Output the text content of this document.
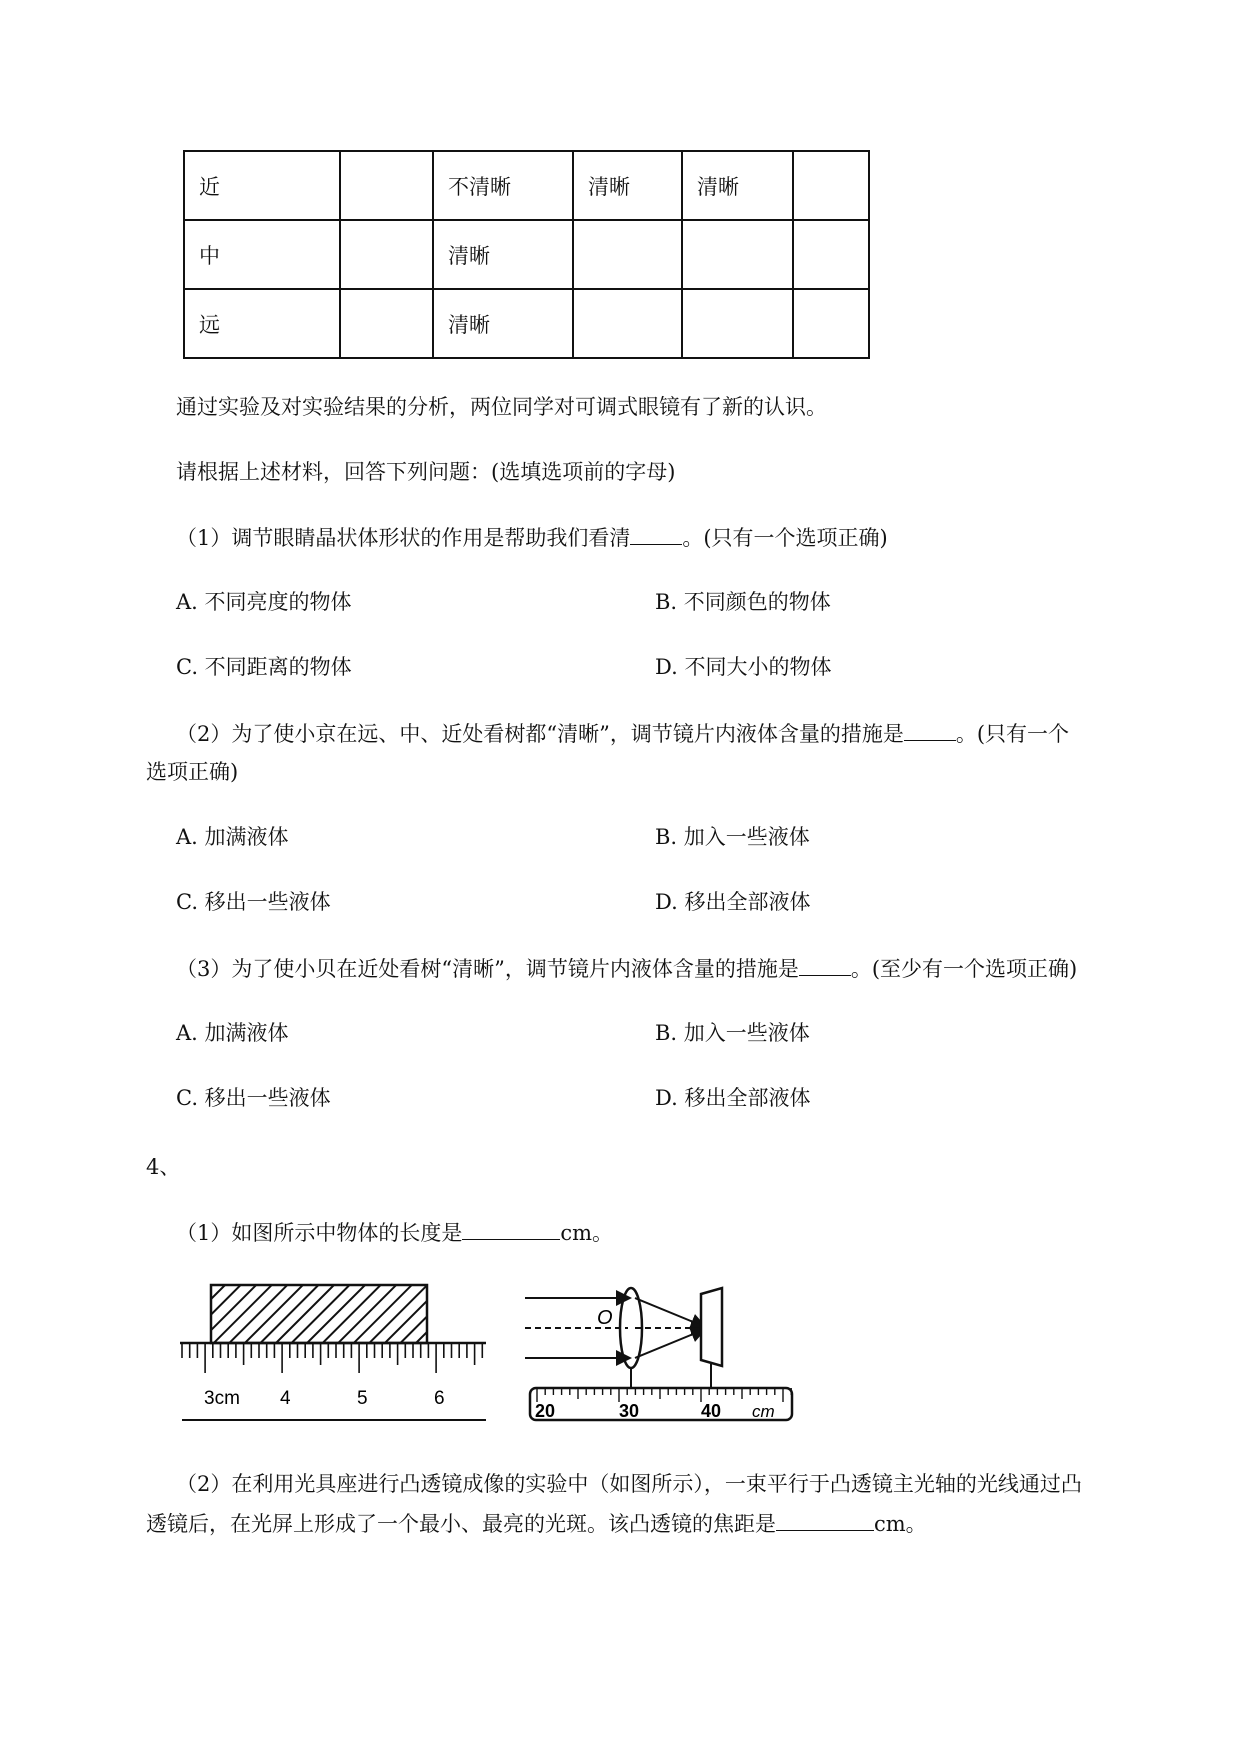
近		不清晰	清晰	清晰	
中		清晰			
远		清晰			
通过实验及对实验结果的分析，两位同学对可调式眼镜有了新的认识。
请根据上述材料，回答下列问题：(选填选项前的字母)
（1）调节眼睛晶状体形状的作用是帮助我们看清 。(只有一个选项正确)
A. 不同亮度的物体	B. 不同颜色的物体
C. 不同距离的物体	D. 不同大小的物体
（2）为了使小京在远、中、近处看树都“清晰”，调节镜片内液体含量的措施是 。(只有一个
选项正确)
A. 加满液体	B. 加入一些液体
C. 移出一些液体	D. 移出全部液体
（3）为了使小贝在近处看树“清晰”，调节镜片内液体含量的措施是 。(至少有一个选项正确)
A. 加满液体	B. 加入一些液体
C. 移出一些液体	D. 移出全部液体
4、
（1）如图所示中物体的长度是	cm。
3cm 4	5	6
O
20	30	40 cm
（2）在利用光具座进行凸透镜成像的实验中（如图所示），一束平行于凸透镜主光轴的光线通过凸
透镜后，在光屏上形成了一个最小、最亮的光斑。该凸透镜的焦距是	cm。
